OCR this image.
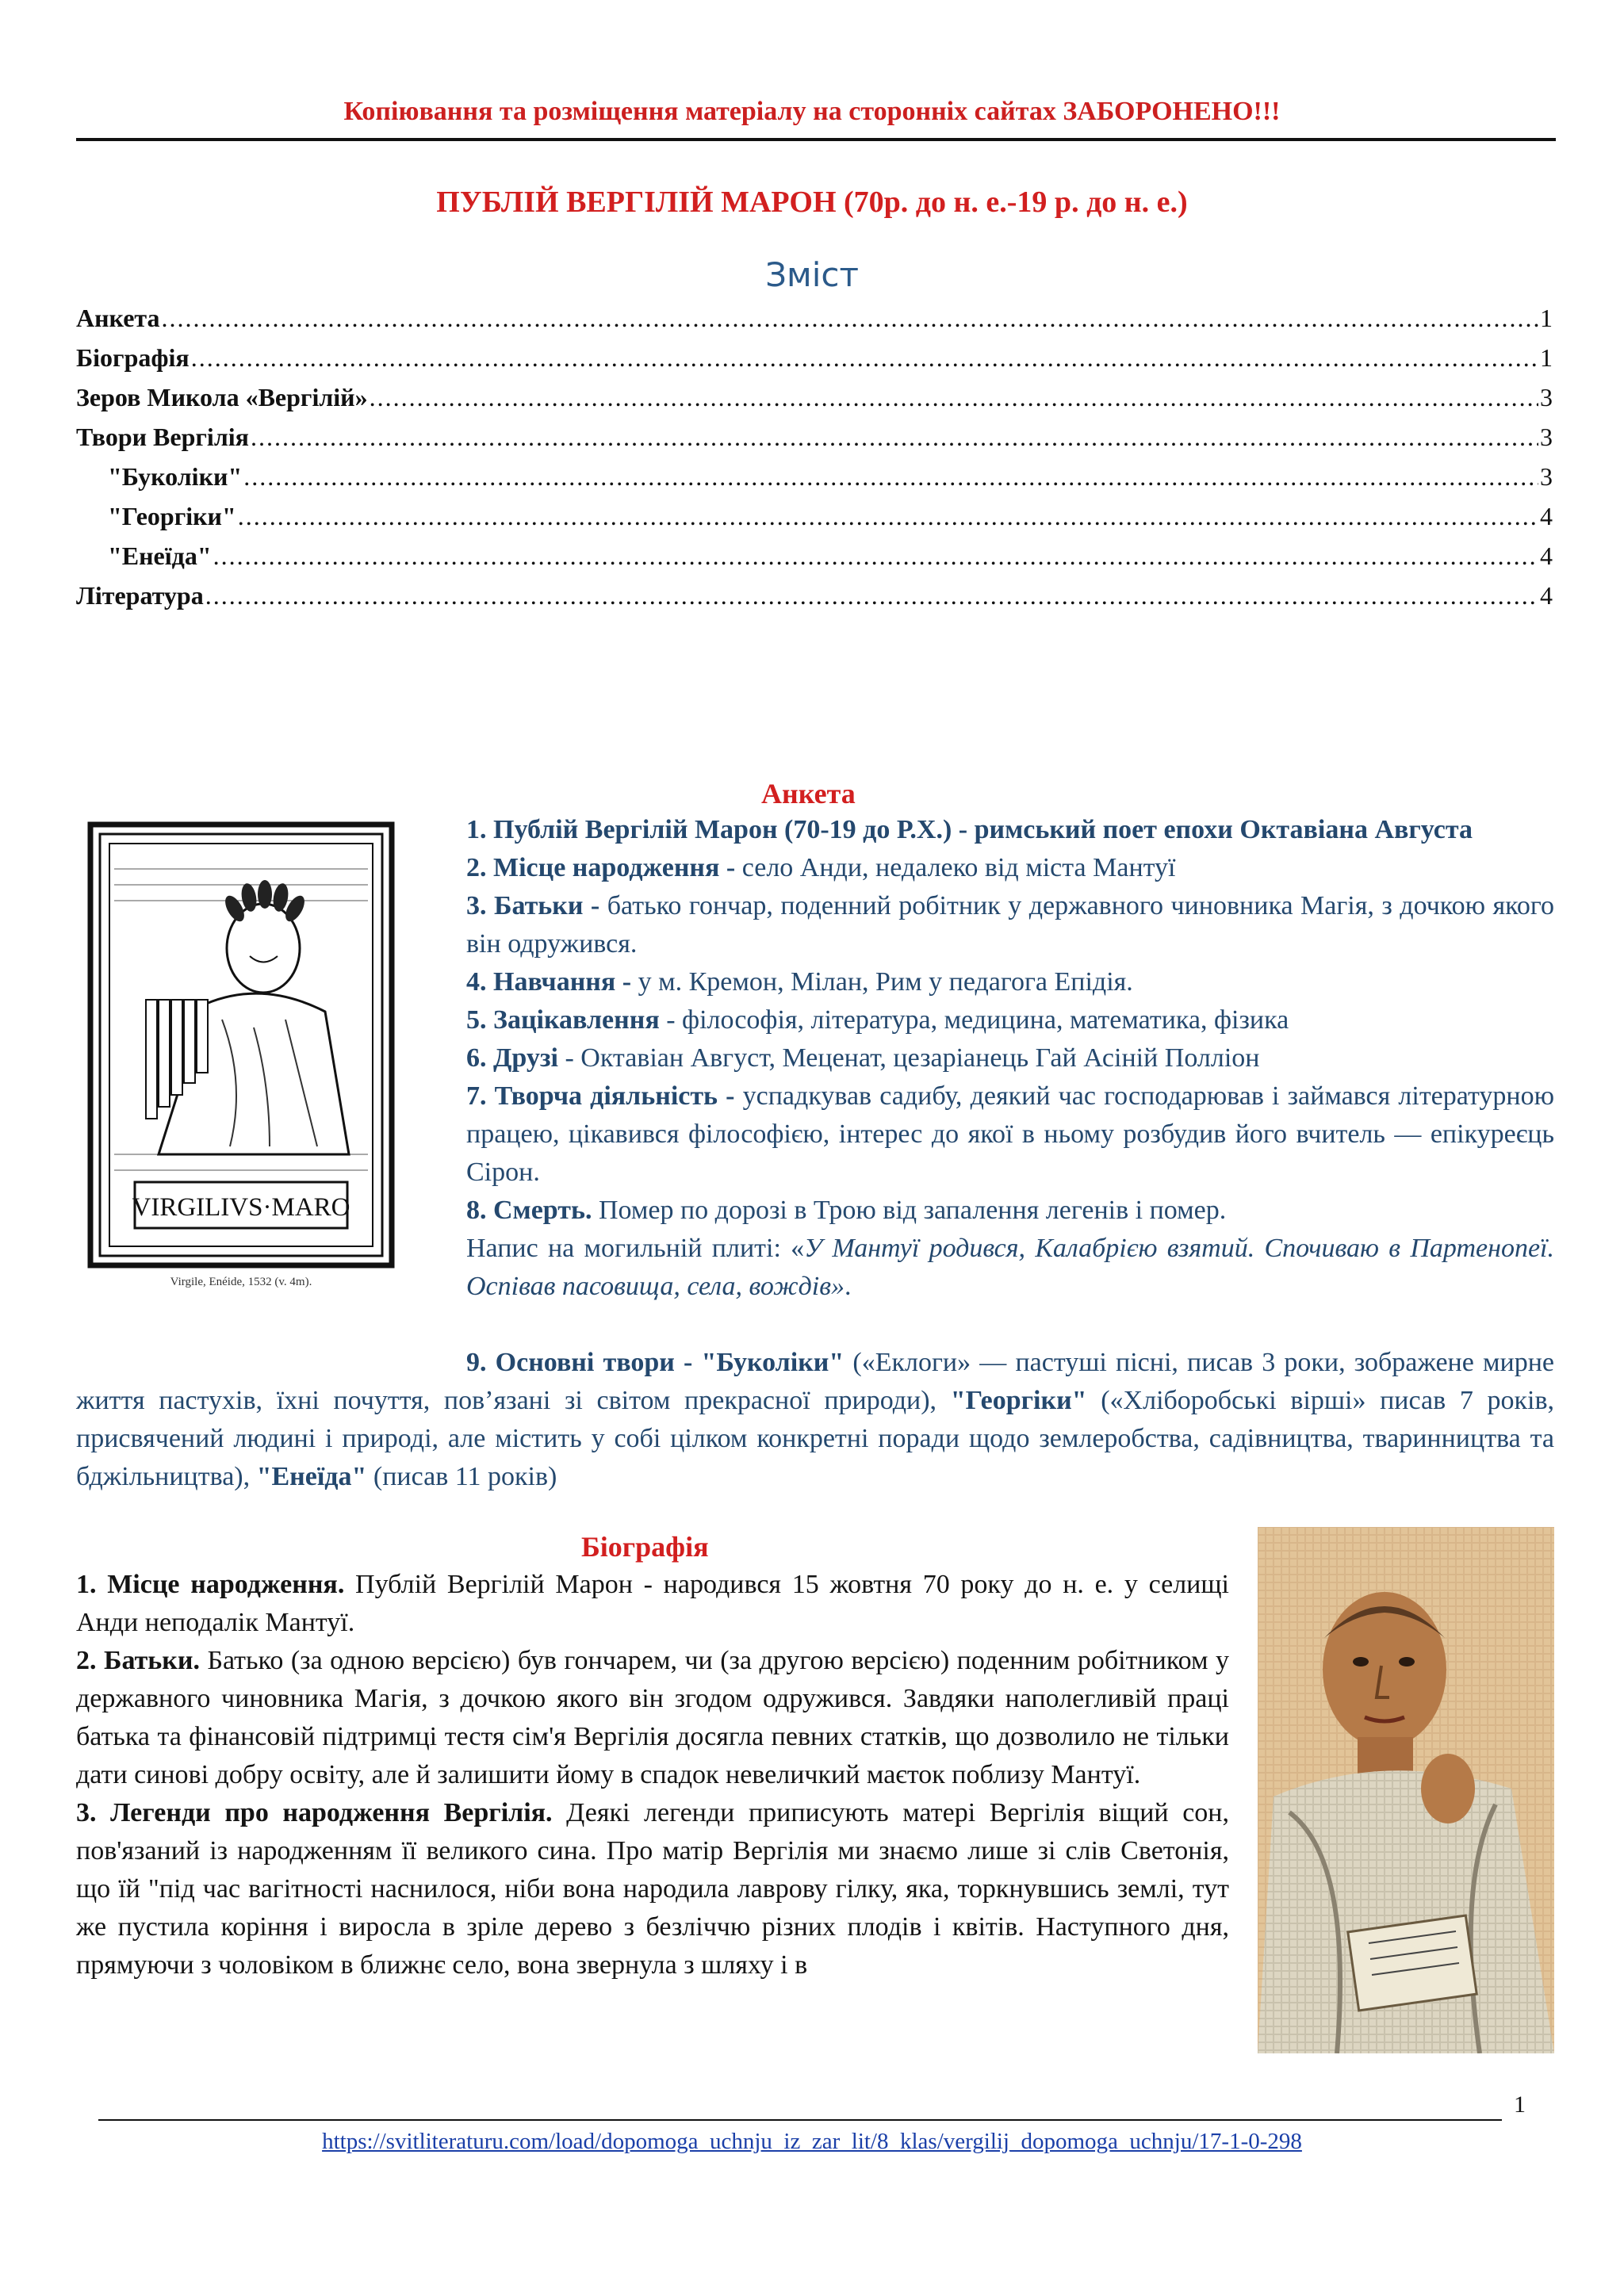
Копіювання та розміщення матеріалу на сторонніх сайтах ЗАБОРОНЕНО!!!
ПУБЛІЙ ВЕРГІЛІЙ МАРОН (70р. до н. е.-19 р. до н. е.)
Зміст
Анкета .....	1
Біографія .....	1
Зеров Микола «Вергілій» .....	3
Твори Вергілія .....	3
"Буколіки" .....	3
"Георгіки" .....	4
"Енеїда" .....	4
Література .....	4
VIRGILIVS·MARO
Virgile, Enéide, 1532 (v. 4m).
Анкета

1. Публій Вергілій Марон (70-19 до Р.Х.) - римський поет епохи Октавіана Августа

2. Місце народження - село Анди, недалеко від міста Мантуї

3. Батьки - батько гончар, поденний робітник у державного чиновника Магія, з дочкою якого він одружився.

4. Навчання - у м. Кремон, Мілан, Рим у педагога Епідія.

5. Зацікавлення - філософія, література, медицина, математика, фізика

6. Друзі - Октавіан Август, Меценат, цезаріанець Гай Асіній Полліон

7. Творча діяльність - успадкував садибу, деякий час господарював і займався літературною працею, цікавився філософією, інтерес до якої в ньому розбудив його вчитель — епікуреєць Сірон.

8. Смерть. Помер по дорозі в Трою від запалення легенів і помер.

Напис на могильній плиті: «У Мантуї родився, Калабрією взятий. Спочиваю в Партенопеї. Оспівав пасовища, села, вождів».

9. Основні твори - "Буколіки" («Еклоги» — пастуші пісні, писав 3 роки, зображене мирне життя пастухів, їхні почуття, пов’язані зі світом прекрасної природи), "Георгіки" («Хліборобські вірші» писав 7 років, присвячений людині і природі, але містить у собі цілком конкретні поради щодо землеробства, садівництва, тваринництва та бджільництва), "Енеїда" (писав 11 років)

Біографія

1. Місце народження. Публій Вергілій Марон - народився 15 жовтня 70 року до н. е. у селищі Анди неподалік Мантуї.

2. Батьки. Батько (за одною версією) був гончарем, чи (за другою версією) поденним робітником у державного чиновника Магія, з дочкою якого він згодом одружився. Завдяки наполегливій праці батька та фінансовій підтримці тестя сім'я Вергілія досягла певних статків, що дозволило не тільки дати синові добру освіту, але й залишити йому в спадок невеличкий маєток поблизу Мантуї.

3. Легенди про народження Вергілія. Деякі легенди приписують матері Вергілія віщий сон, пов'язаний із народженням її великого сина. Про матір Вергілія ми знаємо лише зі слів Светонія, що їй "під час вагітності наснилося, ніби вона народила лаврову гілку, яка, торкнувшись землі, тут же пустила коріння і виросла в зріле дерево з безліччю різних плодів і квітів. Наступного дня, прямуючи з чоловіком в ближнє село, вона звернула з шляху і в

1
https://svitliteraturu.com/load/dopomoga_uchnju_iz_zar_lit/8_klas/vergilij_dopomoga_uchnju/17-1-0-298
